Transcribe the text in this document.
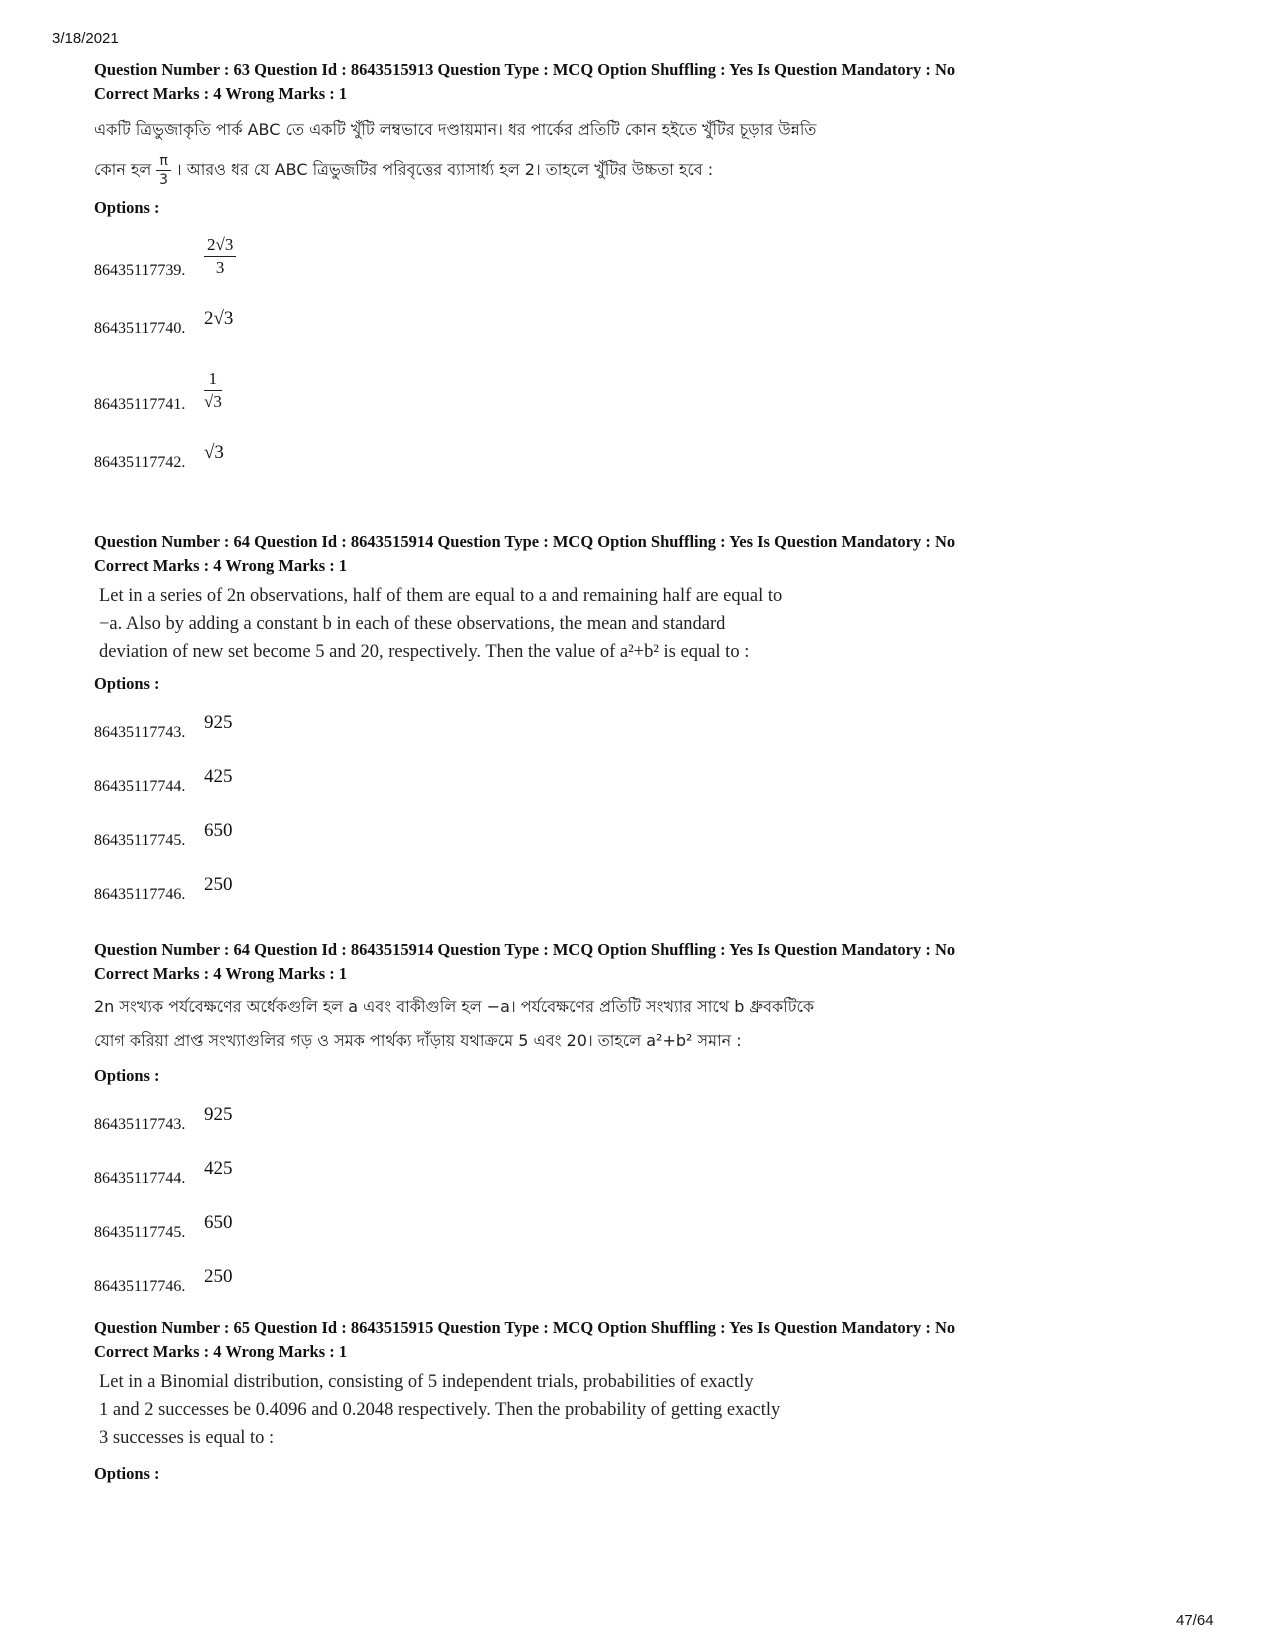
3/18/2021
Question Number : 63 Question Id : 8643515913 Question Type : MCQ Option Shuffling : Yes Is Question Mandatory : No
Correct Marks : 4 Wrong Marks : 1
একটি ত্রিভুজাকৃতি পার্ক ABC তে একটি খুঁটি লম্বভাবে দণ্ডায়মান। ধর পার্কের প্রতিটি কোন হইতে খুঁটির চূড়ার উন্নতি
কোন হল $\frac{\pi}{3}$ । আরও ধর যে ABC ত্রিভুজটির পরিবৃত্তের ব্যাসার্ধ্য হল 2। তাহলে খুঁটির উচ্চতা হবে :
Options :
86435117739. $\frac{2√3}{3}$
86435117740. 2√3
86435117741. $\frac{1}{√3}$
86435117742. √3
Question Number : 64 Question Id : 8643515914 Question Type : MCQ Option Shuffling : Yes Is Question Mandatory : No
Correct Marks : 4 Wrong Marks : 1
Let in a series of 2n observations, half of them are equal to a and remaining half are equal to
−a. Also by adding a constant b in each of these observations, the mean and standard
deviation of new set become 5 and 20, respectively. Then the value of a²+b² is equal to :
Options :
86435117743. 925
86435117744. 425
86435117745. 650
86435117746. 250
Question Number : 64 Question Id : 8643515914 Question Type : MCQ Option Shuffling : Yes Is Question Mandatory : No
Correct Marks : 4 Wrong Marks : 1
2n সংখ্যক পর্যবেক্ষণের অর্ধেকগুলি হল a এবং বাকীগুলি হল −a। পর্যবেক্ষণের প্রতিটি সংখ্যার সাথে b ধ্রুবকটিকে
যোগ করিয়া প্রাপ্ত সংখ্যাগুলির গড় ও সমক পার্থক্য দাঁড়ায় যথাক্রমে 5 এবং 20। তাহলে a²+b² সমান :
Options :
86435117743. 925
86435117744. 425
86435117745. 650
86435117746. 250
Question Number : 65 Question Id : 8643515915 Question Type : MCQ Option Shuffling : Yes Is Question Mandatory : No
Correct Marks : 4 Wrong Marks : 1
Let in a Binomial distribution, consisting of 5 independent trials, probabilities of exactly
1 and 2 successes be 0.4096 and 0.2048 respectively. Then the probability of getting exactly
3 successes is equal to :
Options :
47/64
